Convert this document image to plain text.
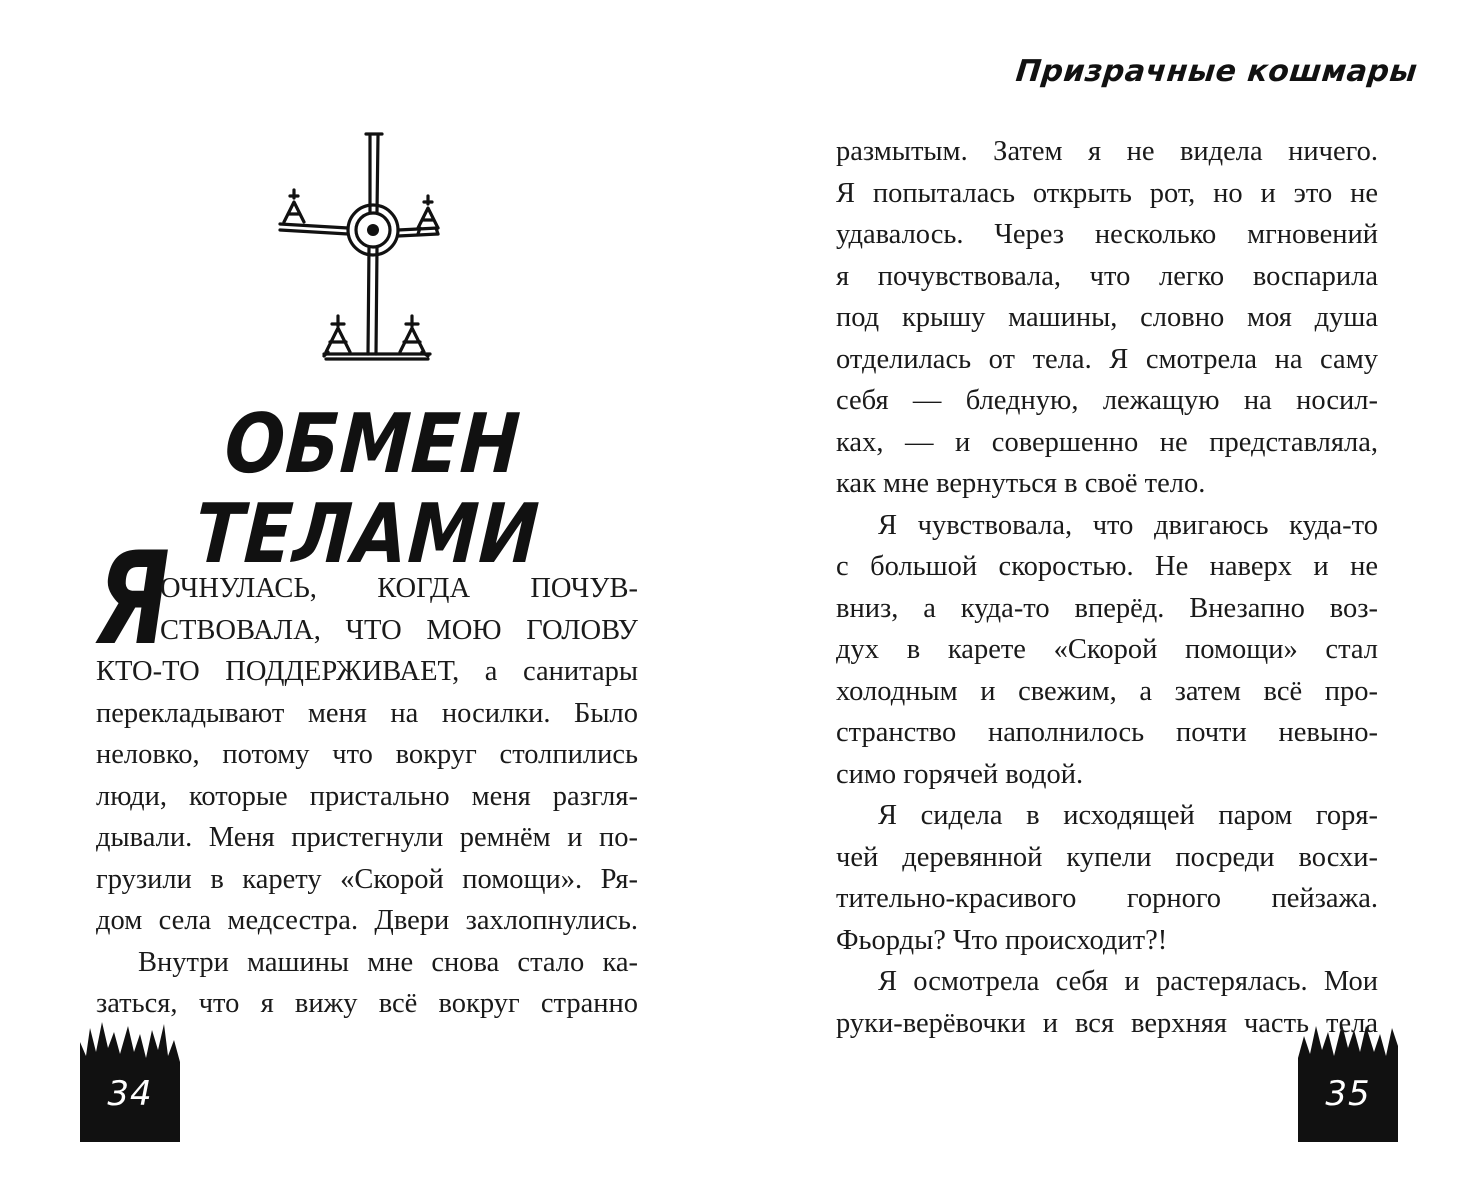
ОБМЕН ТЕЛАМИ
Я
ОЧНУЛАСЬ, КОГДА ПОЧУВ-
СТВОВАЛА, ЧТО МОЮ ГОЛОВУ
КТО-ТО ПОДДЕРЖИВАЕТ, а санитары
перекладывают меня на носилки. Было
неловко, потому что вокруг столпились
люди, которые пристально меня разгля-
дывали. Меня пристегнули ремнём и по-
грузили в карету «Скорой помощи». Ря-
дом села медсестра. Двери захлопнулись.
Внутри машины мне снова стало ка-
заться, что я вижу всё вокруг странно
34
Призрачные кошмары
35
размытым. Затем я не видела ничего.
Я попыталась открыть рот, но и это не
удавалось. Через несколько мгновений
я почувствовала, что легко воспарила
под крышу машины, словно моя душа
отделилась от тела. Я смотрела на саму
себя — бледную, лежащую на носил-
ках, — и совершенно не представляла,
как мне вернуться в своё тело.
Я чувствовала, что двигаюсь куда-то
с большой скоростью. Не наверх и не
вниз, а куда-то вперёд. Внезапно воз-
дух в карете «Скорой помощи» стал
холодным и свежим, а затем всё про-
странство наполнилось почти невыно-
симо горячей водой.
Я сидела в исходящей паром горя-
чей деревянной купели посреди восхи-
тительно-красивого горного пейзажа.
Фьорды? Что происходит?!
Я осмотрела себя и растерялась. Мои
руки-верёвочки и вся верхняя часть тела
